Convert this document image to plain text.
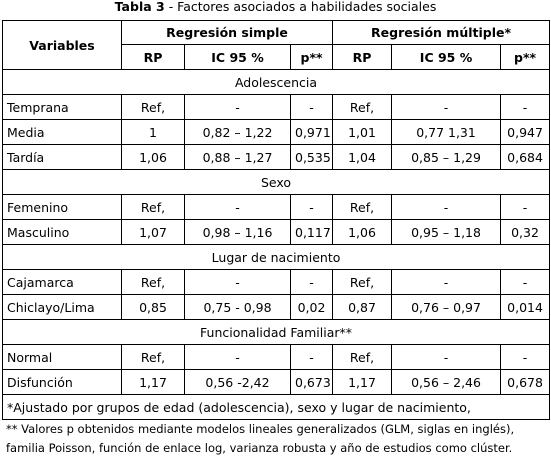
Tabla 3 - Factores asociados a habilidades sociales
Variables	Regresión simple			Regresión múltiple*		
	RP	IC 95 %	p**	RP	IC 95 %	p**
Adolescencia						
Temprana	Ref,	-	-	Ref,	-	-
Media	1	0,82 – 1,22	0,971	1,01	0,77 1,31	0,947
Tardía	1,06	0,88 – 1,27	0,535	1,04	0,85 – 1,29	0,684
Sexo						
Femenino	Ref,	-	-	Ref,	-	-
Masculino	1,07	0,98 – 1,16	0,117	1,06	0,95 – 1,18	0,32
Lugar de nacimiento						
Cajamarca	Ref,	-	-	Ref,	-	-
Chiclayo/Lima	0,85	0,75 - 0,98	0,02	0,87	0,76 – 0,97	0,014
Funcionalidad Familiar**						
Normal	Ref,	-	-	Ref,	-	-
Disfunción	1,17	0,56 -2,42	0,673	1,17	0,56 – 2,46	0,678
*Ajustado por grupos de edad (adolescencia), sexo y lugar de nacimiento,						
** Valores p obtenidos mediante modelos lineales generalizados (GLM, siglas en inglés),
familia Poisson, función de enlace log, varianza robusta y año de estudios como clúster.
